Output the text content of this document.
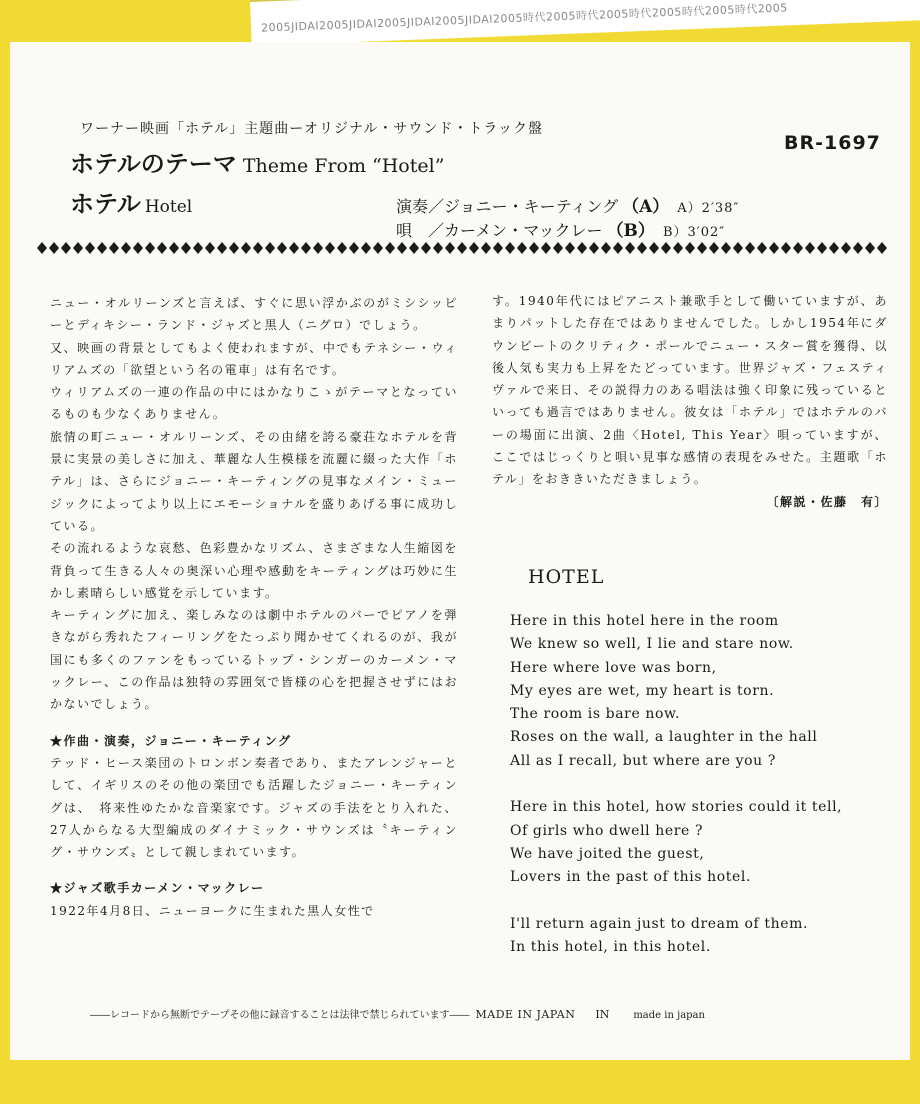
2005JIDAI2005JIDAI2005JIDAI2005JIDAI2005時代2005時代2005時代2005時代2005時代2005
ワーナー映画「ホテル」主題曲ーオリジナル・サウンド・トラック盤
BR-1697
ホテルのテーマ Theme From “Hotel”
ホテル Hotel	演奏／ジョニー・キーティング （A） A）2′38″
唄　／カーメン・マックレー （B） B）3′02″

ニュー・オルリーンズと言えば、すぐに思い浮かぶのがミシシッピーとディキシー・ランド・ジャズと黒人（ニグロ）でしょう。

又、映画の背景としてもよく使われますが、中でもテネシー・ウィリアムズの「欲望という名の電車」は有名です。

ウィリアムズの一連の作品の中にはかなりこゝがテーマとなっているものも少なくありません。

旅情の町ニュー・オルリーンズ、その由緒を誇る豪荘なホテルを背景に実景の美しさに加え、華麗な人生模様を流麗に綴った大作「ホテル」は、さらにジョニー・キーティングの見事なメイン・ミュージックによってより以上にエモーショナルを盛りあげる事に成功している。

その流れるような哀愁、色彩豊かなリズム、さまざまな人生縮図を背負って生きる人々の奥深い心理や感動をキーティングは巧妙に生かし素晴らしい感覚を示しています。

キーティングに加え、楽しみなのは劇中ホテルのバーでピアノを弾きながら秀れたフィーリングをたっぷり聞かせてくれるのが、我が国にも多くのファンをもっているトップ・シンガーのカーメン・マックレー、この作品は独特の雰囲気で皆様の心を把握させずにはおかないでしょう。

★作曲・演奏，ジョニー・キーティング

テッド・ヒース楽団のトロンボン奏者であり、またアレンジャーとして、イギリスのその他の楽団でも活躍したジョニー・キーティングは、　将来性ゆたかな音楽家です。ジャズの手法をとり入れた、27人からなる大型編成のダイナミック・サウンズは〝キーティング・サウンズ〟として親しまれています。

★ジャズ歌手カーメン・マックレー

1922年4月8日、ニューヨークに生まれた黒人女性で

す。1940年代にはピアニスト兼歌手として働いていますが、あまりパットした存在ではありませんでした。しかし1954年にダウンビートのクリティク・ポールでニュー・スター賞を獲得、以後人気も実力も上昇をたどっています。世界ジャズ・フェスティヴァルで来日、その説得力のある唱法は強く印象に残っているといっても過言ではありません。彼女は「ホテル」ではホテルのバーの場面に出演、2曲〈Hotel, This Year〉唄っていますが、ここではじっくりと唄い見事な感情の表現をみせた。主題歌「ホテル」をおききいただきましょう。

〔解説・佐藤　有〕

HOTEL
Here in this hotel here in the room
We knew so well, I lie and stare now.
Here where love was born,
My eyes are wet, my heart is torn.
The room is bare now.
Roses on the wall, a laughter in the hall
All as I recall, but where are you ?
Here in this hotel, how stories could it tell,
Of girls who dwell here ?
We have joited the guest,
Lovers in the past of this hotel.
I'll return again just to dream of them.
In this hotel, in this hotel.
――レコードから無断でテープその他に録音することは法律で禁じられています―― MADE IN JAPAN IN made in japan
